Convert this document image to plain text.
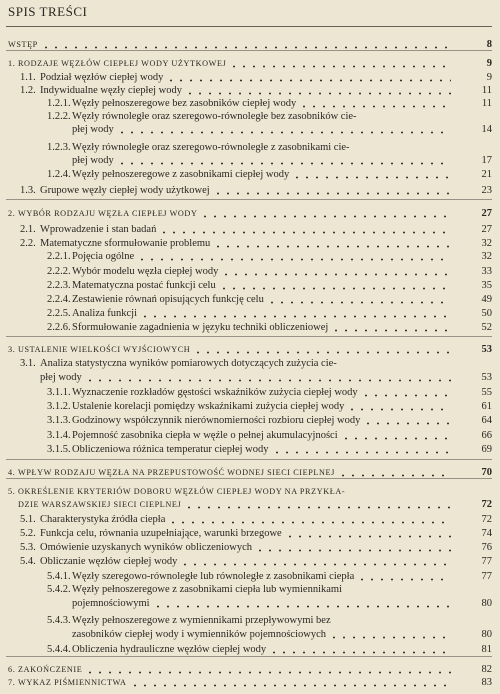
SPIS TREŚCI
WSTĘP	8
1. RODZAJE WĘZŁÓW CIEPŁEJ WODY UŻYTKOWEJ	9
1.1. Podział węzłów ciepłej wody	9
1.2. Indywidualne węzły ciepłej wody	11
1.2.1. Węzły pełnoszeregowe bez zasobników ciepłej wody	11
1.2.2. Węzły równoległe oraz szeregowo-równoległe bez zasobników cie-
płej wody	14
1.2.3. Węzły równoległe oraz szeregowo-równoległe z zasobnikami cie-
płej wody	17
1.2.4. Węzły pełnoszeregowe z zasobnikami ciepłej wody	21
1.3. Grupowe węzły ciepłej wody użytkowej	23
2. WYBÓR RODZAJU WĘZŁA CIEPŁEJ WODY	27
2.1. Wprowadzenie i stan badań	27
2.2. Matematyczne sformułowanie problemu	32
2.2.1. Pojęcia ogólne	32
2.2.2. Wybór modelu węzła ciepłej wody	33
2.2.3. Matematyczna postać funkcji celu	35
2.2.4. Zestawienie równań opisujących funkcję celu	49
2.2.5. Analiza funkcji	50
2.2.6. Sformułowanie zagadnienia w języku techniki obliczeniowej	52
3. USTALENIE WIELKOŚCI WYJŚCIOWYCH	53
3.1. Analiza statystyczna wyników pomiarowych dotyczących zużycia cie-
płej wody	53
3.1.1. Wyznaczenie rozkładów gęstości wskaźników zużycia ciepłej wody	55
3.1.2. Ustalenie korelacji pomiędzy wskaźnikami zużycia ciepłej wody	61
3.1.3. Godzinowy współczynnik nierównomierności rozbioru ciepłej wody	64
3.1.4. Pojemność zasobnika ciepła w węźle o pełnej akumulacyjności	66
3.1.5. Obliczeniowa różnica temperatur ciepłej wody	69
4. WPŁYW RODZAJU WĘZŁA NA PRZEPUSTOWOŚĆ WODNEJ SIECI CIEPLNEJ	70
5. OKREŚLENIE KRYTERIÓW DOBORU WĘZŁÓW CIEPŁEJ WODY NA PRZYKŁA-
DZIE WARSZAWSKIEJ SIECI CIEPLNEJ	72
5.1. Charakterystyka źródła ciepła	72
5.2. Funkcja celu, równania uzupełniające, warunki brzegowe	74
5.3. Omówienie uzyskanych wyników obliczeniowych	76
5.4. Obliczanie węzłów ciepłej wody	77
5.4.1. Węzły szeregowo-równoległe lub równoległe z zasobnikami ciepła	77
5.4.2. Węzły pełnoszeregowe z zasobnikami ciepła lub wymiennikami
pojemnościowymi	80
5.4.3. Węzły pełnoszeregowe z wymiennikami przepływowymi bez
zasobników ciepłej wody i wymienników pojemnościowych	80
5.4.4. Obliczenia hydrauliczne węzłów ciepłej wody	81
6. ZAKOŃCZENIE	82
7. WYKAZ PIŚMIENNICTWA	83
